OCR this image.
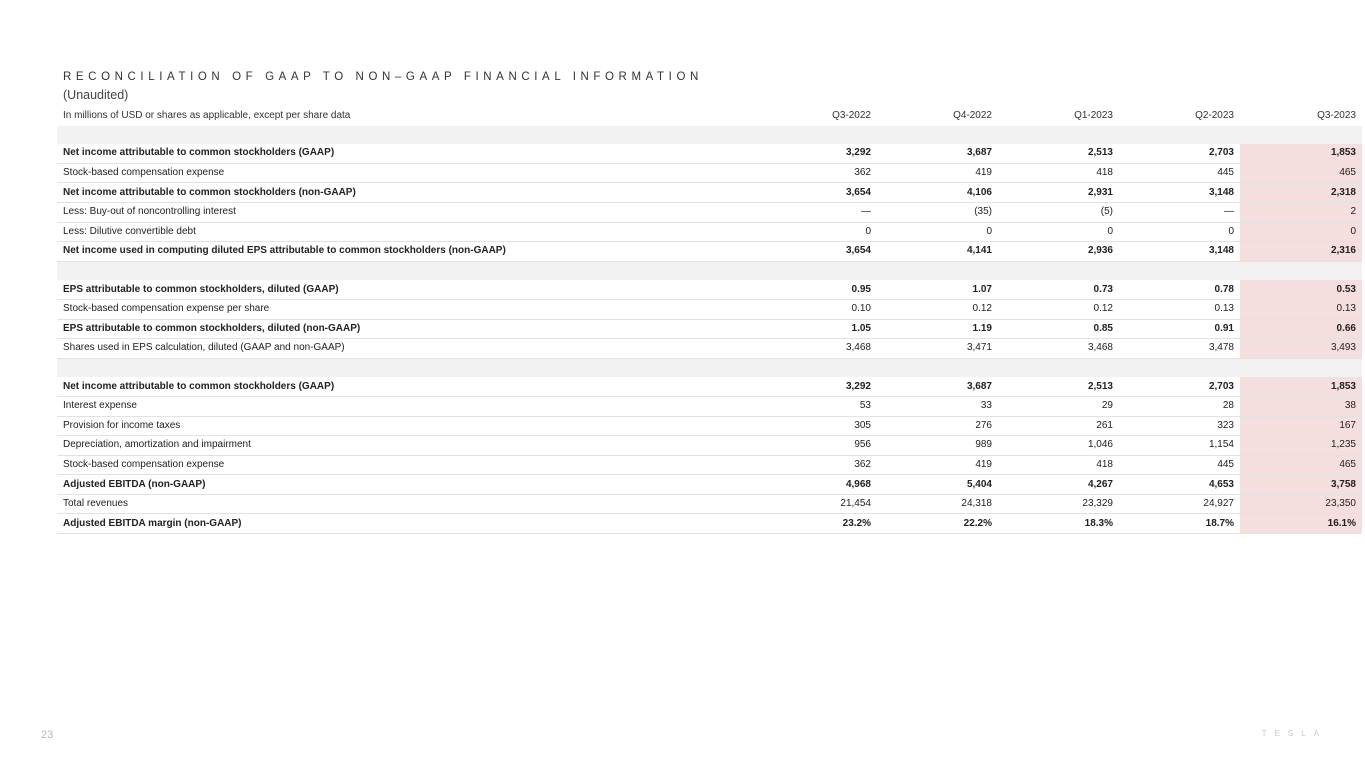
RECONCILIATION OF GAAP TO NON–GAAP FINANCIAL INFORMATION
(Unaudited)
In millions of USD or shares as applicable, except per share data	Q3-2022	Q4-2022	Q1-2023	Q2-2023	Q3-2023

Net income attributable to common stockholders (GAAP)	3,292	3,687	2,513	2,703	1,853
Stock-based compensation expense	362	419	418	445	465
Net income attributable to common stockholders (non-GAAP)	3,654	4,106	2,931	3,148	2,318
Less: Buy-out of noncontrolling interest	—	(35)	(5)	—	2
Less: Dilutive convertible debt	0	0	0	0	0
Net income used in computing diluted EPS attributable to common stockholders (non-GAAP)	3,654	4,141	2,936	3,148	2,316

EPS attributable to common stockholders, diluted (GAAP)	0.95	1.07	0.73	0.78	0.53
Stock-based compensation expense per share	0.10	0.12	0.12	0.13	0.13
EPS attributable to common stockholders, diluted (non-GAAP)	1.05	1.19	0.85	0.91	0.66
Shares used in EPS calculation, diluted (GAAP and non-GAAP)	3,468	3,471	3,468	3,478	3,493

Net income attributable to common stockholders (GAAP)	3,292	3,687	2,513	2,703	1,853
Interest expense	53	33	29	28	38
Provision for income taxes	305	276	261	323	167
Depreciation, amortization and impairment	956	989	1,046	1,154	1,235
Stock-based compensation expense	362	419	418	445	465
Adjusted EBITDA (non-GAAP)	4,968	5,404	4,267	4,653	3,758
Total revenues	21,454	24,318	23,329	24,927	23,350
Adjusted EBITDA margin (non-GAAP)	23.2%	22.2%	18.3%	18.7%	16.1%
23	TESLA
